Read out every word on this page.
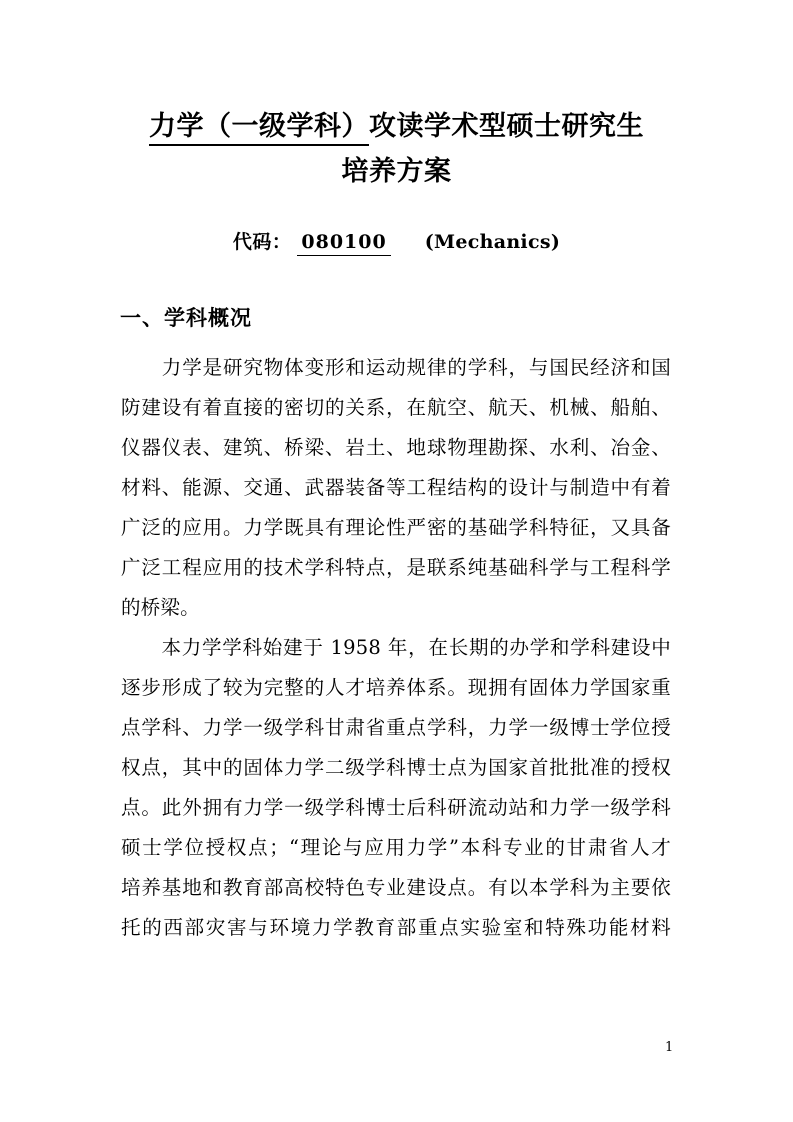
力学（一级学科）攻读学术型硕士研究生
培养方案
代码： 080100 (Mechanics)
一、学科概况
　　力学是研究物体变形和运动规律的学科，与国民经济和国
防建设有着直接的密切的关系，在航空、航天、机械、船舶、
仪器仪表、建筑、桥梁、岩土、地球物理勘探、水利、冶金、
材料、能源、交通、武器装备等工程结构的设计与制造中有着
广泛的应用。力学既具有理论性严密的基础学科特征，又具备
广泛工程应用的技术学科特点，是联系纯基础科学与工程科学
的桥梁。
　　本力学学科始建于 1958 年，在长期的办学和学科建设中
逐步形成了较为完整的人才培养体系。现拥有固体力学国家重
点学科、力学一级学科甘肃省重点学科，力学一级博士学位授
权点，其中的固体力学二级学科博士点为国家首批批准的授权
点。此外拥有力学一级学科博士后科研流动站和力学一级学科
硕士学位授权点；“理论与应用力学”本科专业的甘肃省人才
培养基地和教育部高校特色专业建设点。有以本学科为主要依
托的西部灾害与环境力学教育部重点实验室和特殊功能材料
1
